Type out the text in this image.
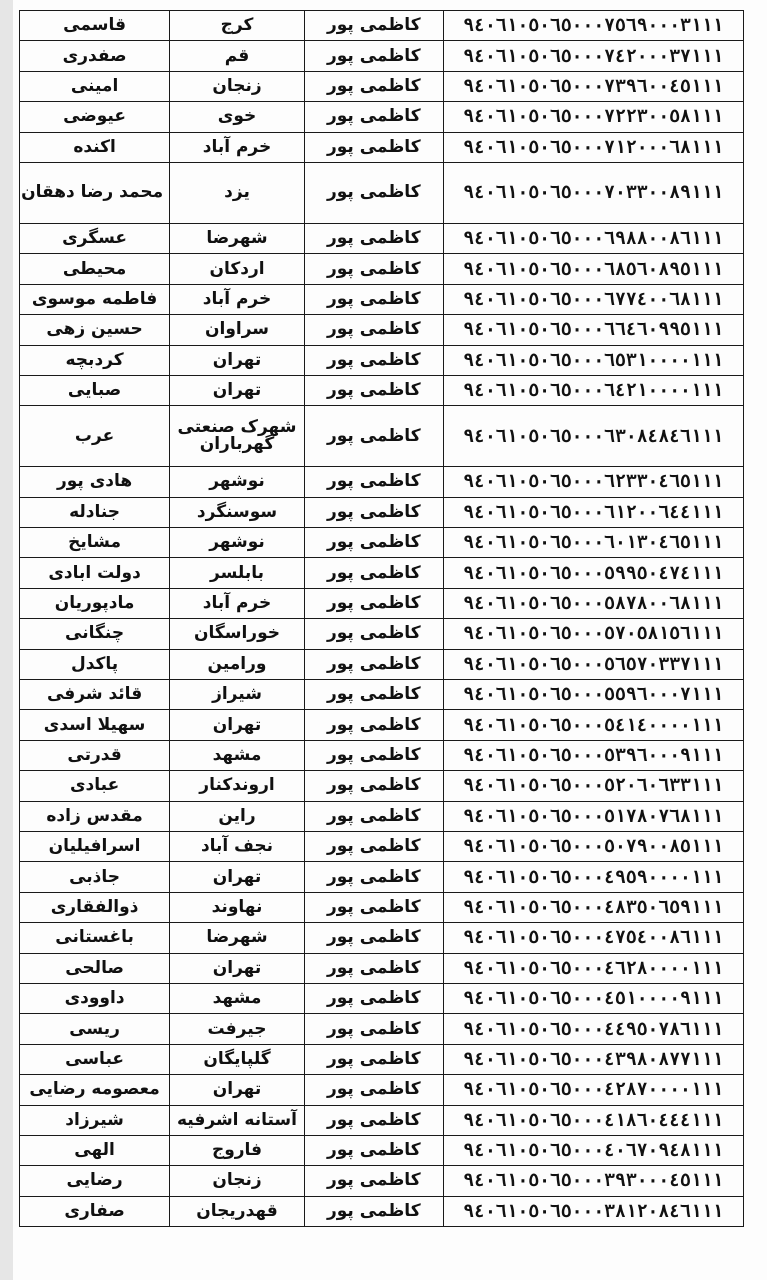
قاسمی	کرج	کاظمی پور	۹٤٠٦١٠٥٠٦٥٠٠٠٧٥٦٩٠٠٠٣١١١
صفدری	قم	کاظمی پور	۹٤٠٦١٠٥٠٦٥٠٠٠٧٤٢٠٠٠٣٧١١١
امینی	زنجان	کاظمی پور	۹٤٠٦١٠٥٠٦٥٠٠٠٧٣٩٦٠٠٤٥١١١
عیوضی	خوی	کاظمی پور	۹٤٠٦١٠٥٠٦٥٠٠٠٧٢٢٣٠٠٥٨١١١
اکنده	خرم آباد	کاظمی پور	۹٤٠٦١٠٥٠٦٥٠٠٠٧١٢٠٠٠٦٨١١١
محمد رضا دهقان	یزد	کاظمی پور	۹٤٠٦١٠٥٠٦٥٠٠٠٧٠٣٣٠٠٨٩١١١
عسگری	شهرضا	کاظمی پور	۹٤٠٦١٠٥٠٦٥٠٠٠٦٩٨٨٠٠٨٦١١١
محیطی	اردکان	کاظمی پور	۹٤٠٦١٠٥٠٦٥٠٠٠٦٨٥٦٠٨٩٥١١١
فاطمه موسوی	خرم آباد	کاظمی پور	۹٤٠٦١٠٥٠٦٥٠٠٠٦٧٧٤٠٠٦٨١١١
حسین زهی	سراوان	کاظمی پور	۹٤٠٦١٠٥٠٦٥٠٠٠٦٦٤٦٠٩٩٥١١١
کردبچه	تهران	کاظمی پور	۹٤٠٦١٠٥٠٦٥٠٠٠٦٥٣١٠٠٠٠١١١
صبایی	تهران	کاظمی پور	۹٤٠٦١٠٥٠٦٥٠٠٠٦٤٢١٠٠٠٠١١١
عرب	شهرک صنعتی گهرباران	کاظمی پور	۹٤٠٦١٠٥٠٦٥٠٠٠٦٣٠٨٤٨٤٦١١١
هادی پور	نوشهر	کاظمی پور	۹٤٠٦١٠٥٠٦٥٠٠٠٦٢٣٣٠٤٦٥١١١
جنادله	سوسنگرد	کاظمی پور	۹٤٠٦١٠٥٠٦٥٠٠٠٦١٢٠٠٦٤٤١١١
مشایخ	نوشهر	کاظمی پور	۹٤٠٦١٠٥٠٦٥٠٠٠٦٠١٣٠٤٦٥١١١
دولت ابادی	بابلسر	کاظمی پور	۹٤٠٦١٠٥٠٦٥٠٠٠٥٩٩٥٠٤٧٤١١١
مادپوریان	خرم آباد	کاظمی پور	۹٤٠٦١٠٥٠٦٥٠٠٠٥٨٧٨٠٠٦٨١١١
چنگانی	خوراسگان	کاظمی پور	۹٤٠٦١٠٥٠٦٥٠٠٠٥٧٠٥٨١٥٦١١١
پاکدل	ورامین	کاظمی پور	۹٤٠٦١٠٥٠٦٥٠٠٠٥٦٥٧٠٣٣٧١١١
قائد شرفی	شیراز	کاظمی پور	۹٤٠٦١٠٥٠٦٥٠٠٠٥٥٩٦٠٠٠٧١١١
سهیلا اسدی	تهران	کاظمی پور	۹٤٠٦١٠٥٠٦٥٠٠٠٥٤١٤٠٠٠٠١١١
قدرتی	مشهد	کاظمی پور	۹٤٠٦١٠٥٠٦٥٠٠٠٥٣٩٦٠٠٠٩١١١
عبادی	اروندکنار	کاظمی پور	۹٤٠٦١٠٥٠٦٥٠٠٠٥٢٠٦٠٦٣٣١١١
مقدس زاده	راین	کاظمی پور	۹٤٠٦١٠٥٠٦٥٠٠٠٥١٧٨٠٧٦٨١١١
اسرافیلیان	نجف آباد	کاظمی پور	۹٤٠٦١٠٥٠٦٥٠٠٠٥٠٧٩٠٠٨٥١١١
جاذبی	تهران	کاظمی پور	۹٤٠٦١٠٥٠٦٥٠٠٠٤٩٥٩٠٠٠٠١١١
ذوالفقاری	نهاوند	کاظمی پور	۹٤٠٦١٠٥٠٦٥٠٠٠٤٨٣٥٠٦٥٩١١١
باغستانی	شهرضا	کاظمی پور	۹٤٠٦١٠٥٠٦٥٠٠٠٤٧٥٤٠٠٨٦١١١
صالحی	تهران	کاظمی پور	۹٤٠٦١٠٥٠٦٥٠٠٠٤٦٢٨٠٠٠٠١١١
داوودی	مشهد	کاظمی پور	۹٤٠٦١٠٥٠٦٥٠٠٠٤٥١٠٠٠٠٩١١١
ریسی	جیرفت	کاظمی پور	۹٤٠٦١٠٥٠٦٥٠٠٠٤٤٩٥٠٧٨٦١١١
عباسی	گلپایگان	کاظمی پور	۹٤٠٦١٠٥٠٦٥٠٠٠٤٣٩٨٠٨٧٧١١١
معصومه رضایی	تهران	کاظمی پور	۹٤٠٦١٠٥٠٦٥٠٠٠٤٢٨٧٠٠٠٠١١١
شیرزاد	آستانه اشرفیه	کاظمی پور	۹٤٠٦١٠٥٠٦٥٠٠٠٤١٨٦٠٤٤٤١١١
الهی	فاروج	کاظمی پور	۹٤٠٦١٠٥٠٦٥٠٠٠٤٠٦٧٠٩٤٨١١١
رضایی	زنجان	کاظمی پور	۹٤٠٦١٠٥٠٦٥٠٠٠٣٩٣٠٠٠٤٥١١١
صفاری	قهدریجان	کاظمی پور	۹٤٠٦١٠٥٠٦٥٠٠٠٣٨١٢٠٨٤٦١١١
